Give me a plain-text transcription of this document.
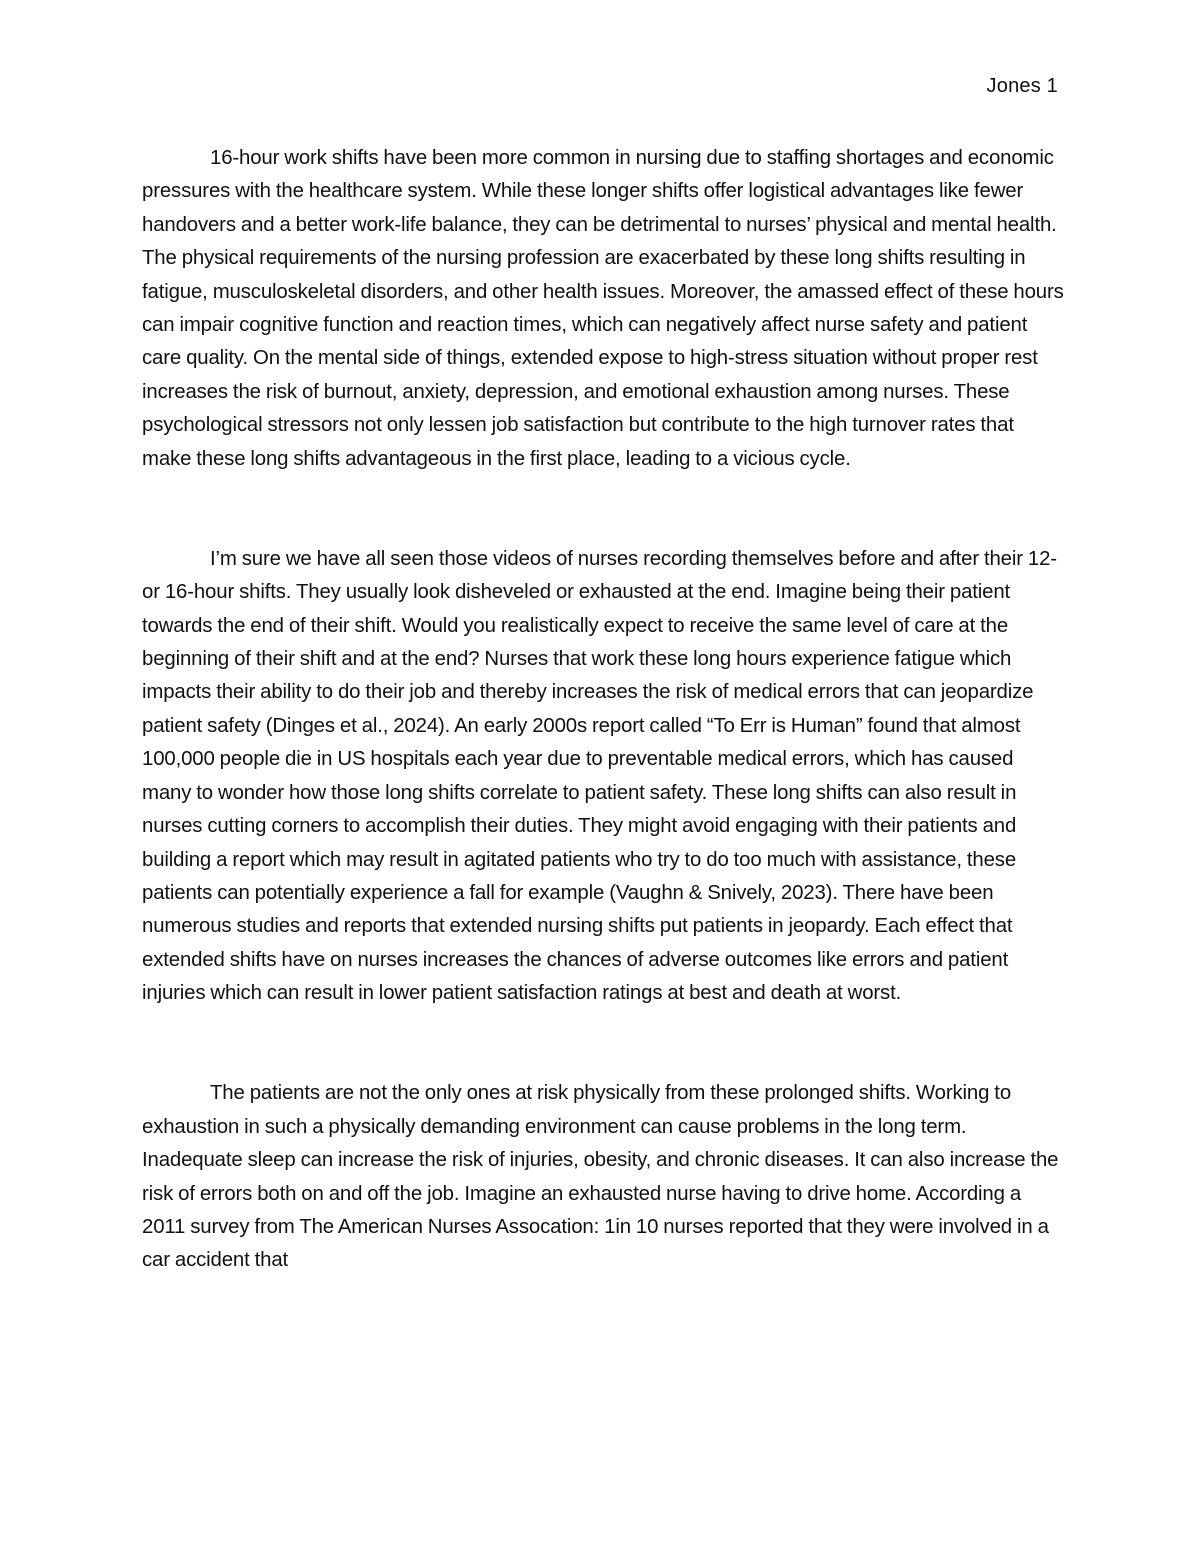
Jones 1

16-hour work shifts have been more common in nursing due to staffing shortages and economic pressures with the healthcare system. While these longer shifts offer logistical advantages like fewer handovers and a better work-life balance, they can be detrimental to nurses’ physical and mental health. The physical requirements of the nursing profession are exacerbated by these long shifts resulting in fatigue, musculoskeletal disorders, and other health issues. Moreover, the amassed effect of these hours can impair cognitive function and reaction times, which can negatively affect nurse safety and patient care quality. On the mental side of things, extended expose to high-stress situation without proper rest increases the risk of burnout, anxiety, depression, and emotional exhaustion among nurses. These psychological stressors not only lessen job satisfaction but contribute to the high turnover rates that make these long shifts advantageous in the first place, leading to a vicious cycle.

I’m sure we have all seen those videos of nurses recording themselves before and after their 12- or 16-hour shifts. They usually look disheveled or exhausted at the end. Imagine being their patient towards the end of their shift. Would you realistically expect to receive the same level of care at the beginning of their shift and at the end? Nurses that work these long hours experience fatigue which impacts their ability to do their job and thereby increases the risk of medical errors that can jeopardize patient safety (Dinges et al., 2024). An early 2000s report called “To Err is Human” found that almost 100,000 people die in US hospitals each year due to preventable medical errors, which has caused many to wonder how those long shifts correlate to patient safety. These long shifts can also result in nurses cutting corners to accomplish their duties. They might avoid engaging with their patients and building a report which may result in agitated patients who try to do too much with assistance, these patients can potentially experience a fall for example (Vaughn & Snively, 2023). There have been numerous studies and reports that extended nursing shifts put patients in jeopardy. Each effect that extended shifts have on nurses increases the chances of adverse outcomes like errors and patient injuries which can result in lower patient satisfaction ratings at best and death at worst.

The patients are not the only ones at risk physically from these prolonged shifts. Working to exhaustion in such a physically demanding environment can cause problems in the long term. Inadequate sleep can increase the risk of injuries, obesity, and chronic diseases. It can also increase the risk of errors both on and off the job. Imagine an exhausted nurse having to drive home. According a 2011 survey from The American Nurses Assocation: 1in 10 nurses reported that they were involved in a car accident that
